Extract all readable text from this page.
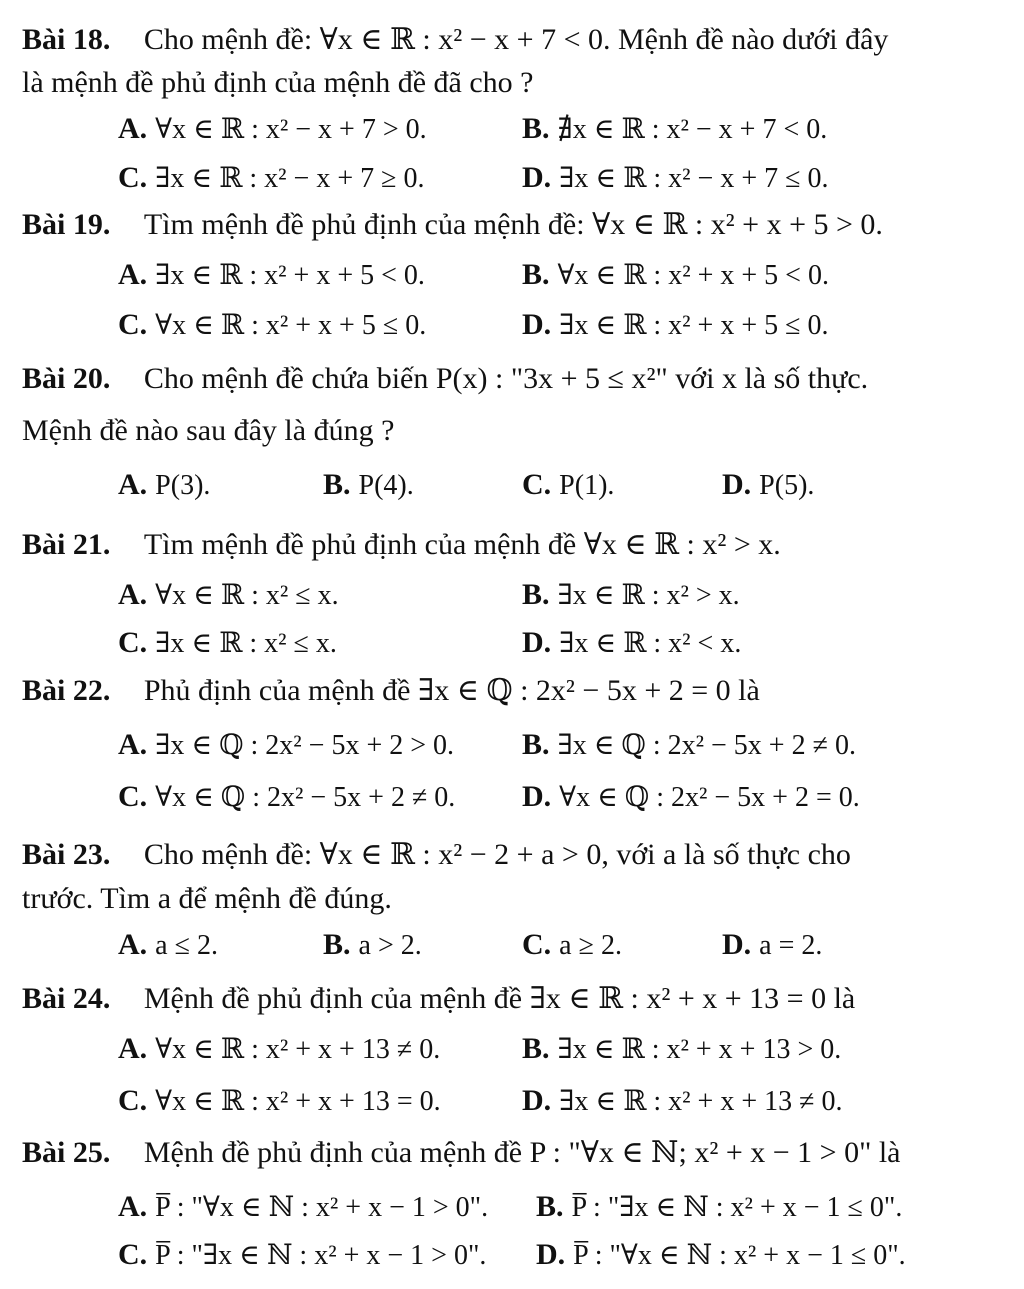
Bài 18. Cho mệnh đề: ∀x ∈ ℝ : x² − x + 7 < 0. Mệnh đề nào dưới đây
là mệnh đề phủ định của mệnh đề đã cho ?
A. ∀x ∈ ℝ : x² − x + 7 > 0.	B. ∄x ∈ ℝ : x² − x + 7 < 0.
C. ∃x ∈ ℝ : x² − x + 7 ≥ 0.	D. ∃x ∈ ℝ : x² − x + 7 ≤ 0.
Bài 19. Tìm mệnh đề phủ định của mệnh đề: ∀x ∈ ℝ : x² + x + 5 > 0.
A. ∃x ∈ ℝ : x² + x + 5 < 0.	B. ∀x ∈ ℝ : x² + x + 5 < 0.
C. ∀x ∈ ℝ : x² + x + 5 ≤ 0.	D. ∃x ∈ ℝ : x² + x + 5 ≤ 0.
Bài 20. Cho mệnh đề chứa biến P(x) : "3x + 5 ≤ x²" với x là số thực.
Mệnh đề nào sau đây là đúng ?
A. P(3).	B. P(4).	C. P(1).	D. P(5).
Bài 21. Tìm mệnh đề phủ định của mệnh đề ∀x ∈ ℝ : x² > x.
A. ∀x ∈ ℝ : x² ≤ x.	B. ∃x ∈ ℝ : x² > x.
C. ∃x ∈ ℝ : x² ≤ x.	D. ∃x ∈ ℝ : x² < x.
Bài 22. Phủ định của mệnh đề ∃x ∈ ℚ : 2x² − 5x + 2 = 0 là
A. ∃x ∈ ℚ : 2x² − 5x + 2 > 0. B. ∃x ∈ ℚ : 2x² − 5x + 2 ≠ 0.
C. ∀x ∈ ℚ : 2x² − 5x + 2 ≠ 0. D. ∀x ∈ ℚ : 2x² − 5x + 2 = 0.
Bài 23. Cho mệnh đề: ∀x ∈ ℝ : x² − 2 + a > 0, với a là số thực cho
trước. Tìm a để mệnh đề đúng.
A. a ≤ 2.	B. a > 2.	C. a ≥ 2.	D. a = 2.
Bài 24. Mệnh đề phủ định của mệnh đề ∃x ∈ ℝ : x² + x + 13 = 0 là
A. ∀x ∈ ℝ : x² + x + 13 ≠ 0.	B. ∃x ∈ ℝ : x² + x + 13 > 0.
C. ∀x ∈ ℝ : x² + x + 13 = 0.	D. ∃x ∈ ℝ : x² + x + 13 ≠ 0.
Bài 25. Mệnh đề phủ định của mệnh đề P : "∀x ∈ ℕ; x² + x − 1 > 0" là
A. P̅ : "∀x ∈ ℕ : x² + x − 1 > 0". B. P̅ : "∃x ∈ ℕ : x² + x − 1 ≤ 0".
C. P̅ : "∃x ∈ ℕ : x² + x − 1 > 0". D. P̅ : "∀x ∈ ℕ : x² + x − 1 ≤ 0".
